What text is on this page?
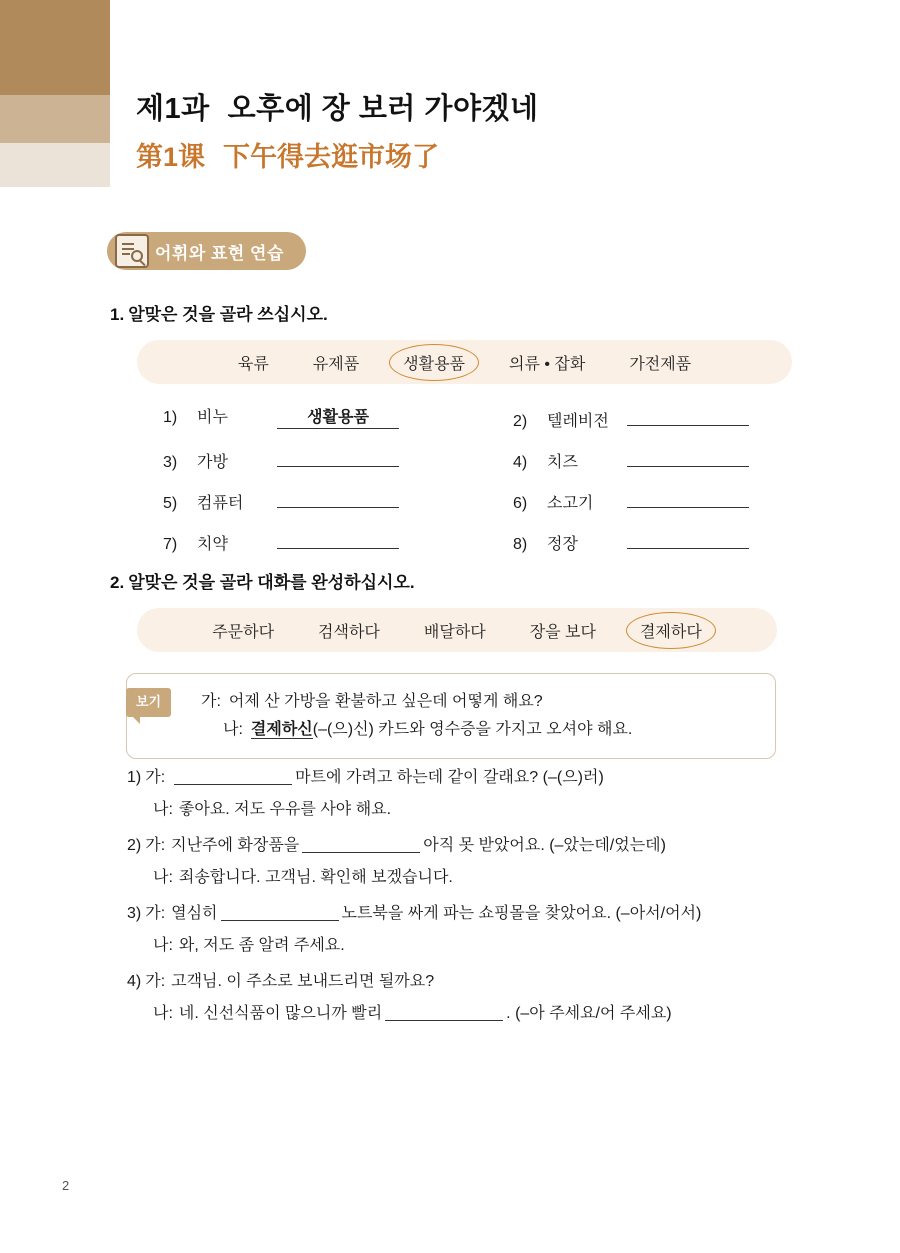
제1과 오후에 장 보러 가야겠네
第1课 下午得去逛市场了
어휘와 표현 연습
1. 알맞은 것을 골라 쓰십시오.
육류	유제품	생활용품	의류 • 잡화	가전제품
1)	비누	생활용품	2)	텔레비전
3)	가방	4)	치즈
5)	컴퓨터	6)	소고기
7)	치약	8)	정장
2. 알맞은 것을 골라 대화를 완성하십시오.
주문하다	검색하다	배달하다	장을 보다	결제하다
보기	가: 어제 산 가방을 환불하고 싶은데 어떻게 해요?
나: 결제하신(–(으)신) 카드와 영수증을 가지고 오셔야 해요.
1) 가:	마트에 가려고 하는데 같이 갈래요? (–(으)러)
나: 좋아요. 저도 우유를 사야 해요.
2) 가: 지난주에 화장품을	아직 못 받았어요. (–았는데/었는데)
나: 죄송합니다. 고객님. 확인해 보겠습니다.
3) 가: 열심히	노트북을 싸게 파는 쇼핑몰을 찾았어요. (–아서/어서)
나: 와, 저도 좀 알려 주세요.
4) 가: 고객님. 이 주소로 보내드리면 될까요?
나: 네. 신선식품이 많으니까 빨리	. (–아 주세요/어 주세요)
2
